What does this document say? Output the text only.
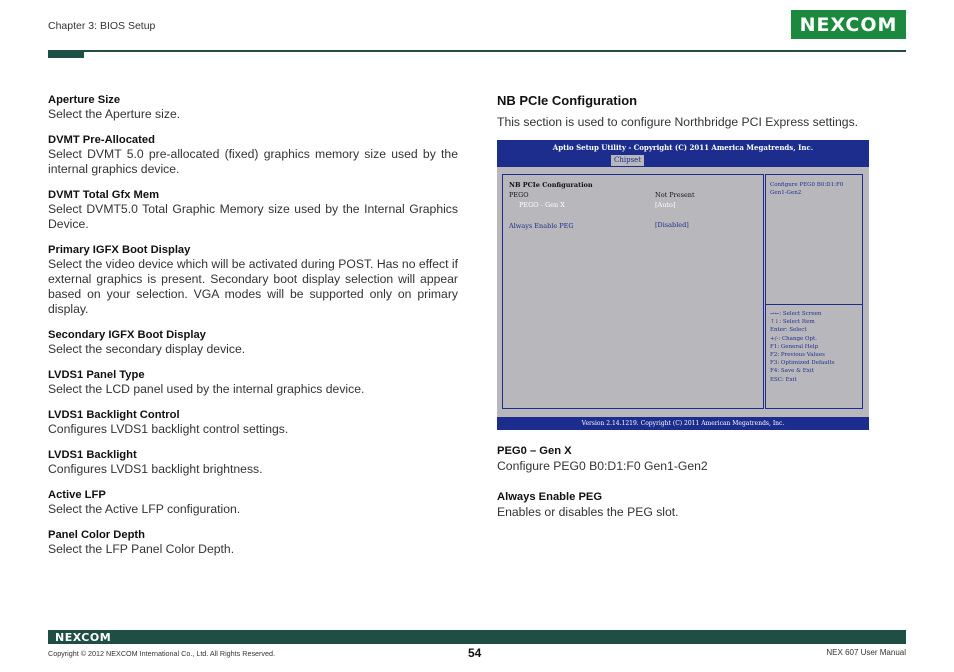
Chapter 3: BIOS Setup	NEXCOM
Aperture Size
Select the Aperture size.
DVMT Pre-Allocated
Select DVMT 5.0 pre-allocated (fixed) graphics memory size used by the internal graphics device.
DVMT Total Gfx Mem
Select DVMT5.0 Total Graphic Memory size used by the Internal Graphics Device.
Primary IGFX Boot Display
Select the video device which will be activated during POST. Has no effect if external graphics is present. Secondary boot display selection will appear based on your selection. VGA modes will be supported only on primary display.
Secondary IGFX Boot Display
Select the secondary display device.
LVDS1 Panel Type
Select the LCD panel used by the internal graphics device.
LVDS1 Backlight Control
Configures LVDS1 backlight control settings.
LVDS1 Backlight
Configures LVDS1 backlight brightness.
Active LFP
Select the Active LFP configuration.
Panel Color Depth
Select the LFP Panel Color Depth.
NB PCIe Configuration
This section is used to configure Northbridge PCI Express settings.
Aptio Setup Utility - Copyright (C) 2011 America Megatrends, Inc.
Chipset
NB PCIe Configuration
PEGO	Not Present
PEGO - Gen X	[Auto]
Always Enable PEG	[Disabled]
Configure PEG0 B0:D1:F0
Gen1-Gen2
→←: Select Screen
↑↓: Select Item
Enter: Select
+/-: Change Opt.
F1: General Help
F2: Previous Values
F3: Optimized Defaults
F4: Save & Exit
ESC: Exit
Version 2.14.1219. Copyright (C) 2011 American Megatrends, Inc.
PEG0 – Gen X
Configure PEG0 B0:D1:F0 Gen1-Gen2
Always Enable PEG
Enables or disables the PEG slot.
NEXCOM
Copyright © 2012 NEXCOM International Co., Ltd. All Rights Reserved.	54	NEX 607 User Manual
